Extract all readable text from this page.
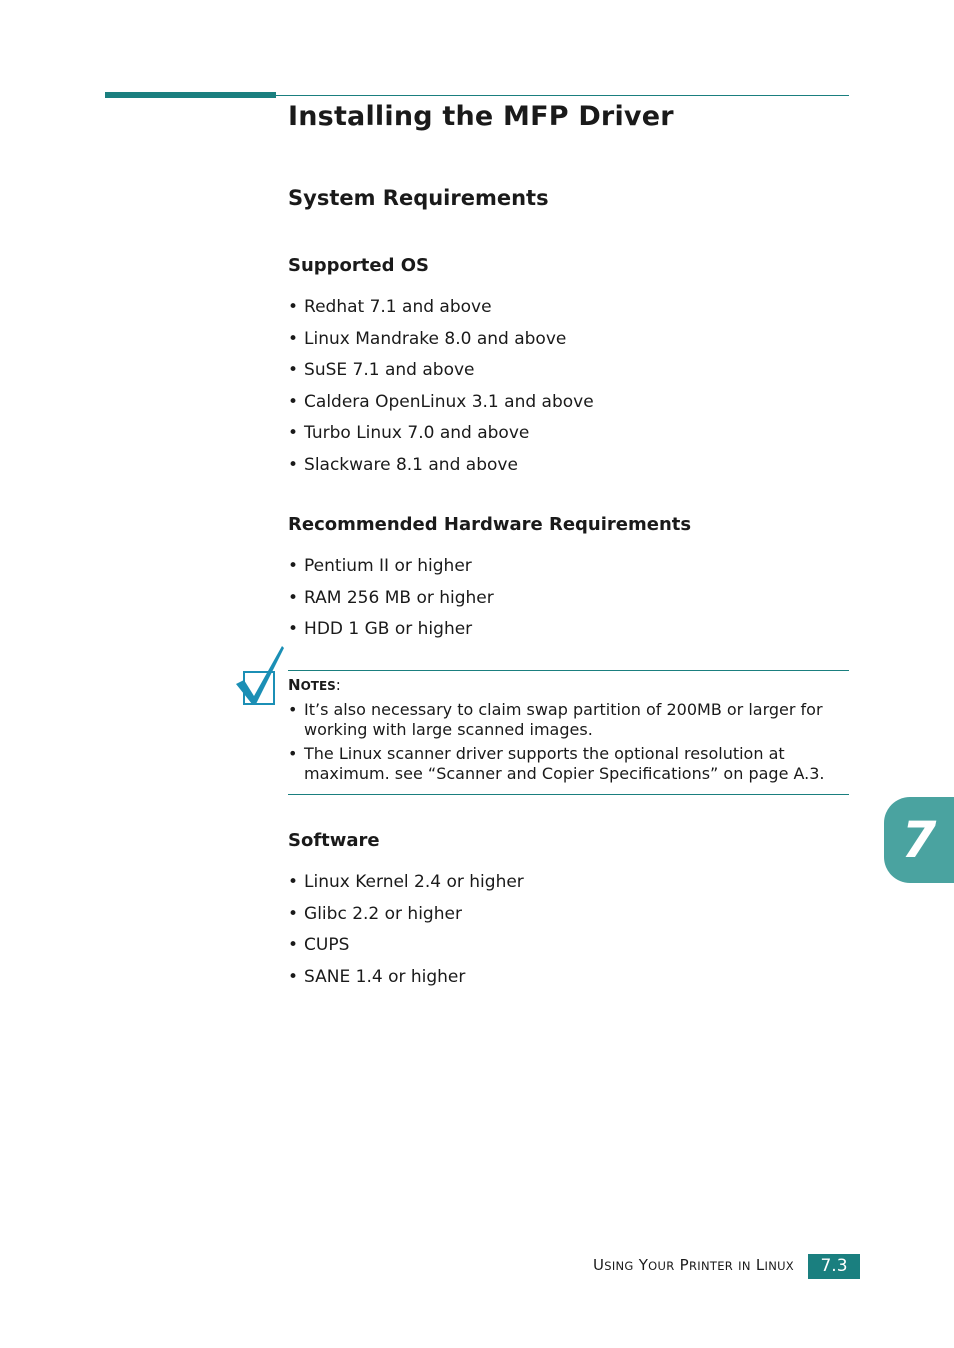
Installing the MFP Driver
System Requirements
Supported OS
• Redhat 7.1 and above
• Linux Mandrake 8.0 and above
• SuSE 7.1 and above
• Caldera OpenLinux 3.1 and above
• Turbo Linux 7.0 and above
• Slackware 8.1 and above
Recommended Hardware Requirements
• Pentium II or higher
• RAM 256 MB or higher
• HDD 1 GB or higher
NOTES:
• It’s also necessary to claim swap partition of 200MB or larger for working with large scanned images.
• The Linux scanner driver supports the optional resolution at maximum. see “Scanner and Copier Specifications” on page A.3.
Software
• Linux Kernel 2.4 or higher
• Glibc 2.2 or higher
• CUPS
• SANE 1.4 or higher
7
USING YOUR PRINTER IN LINUX	7.3
